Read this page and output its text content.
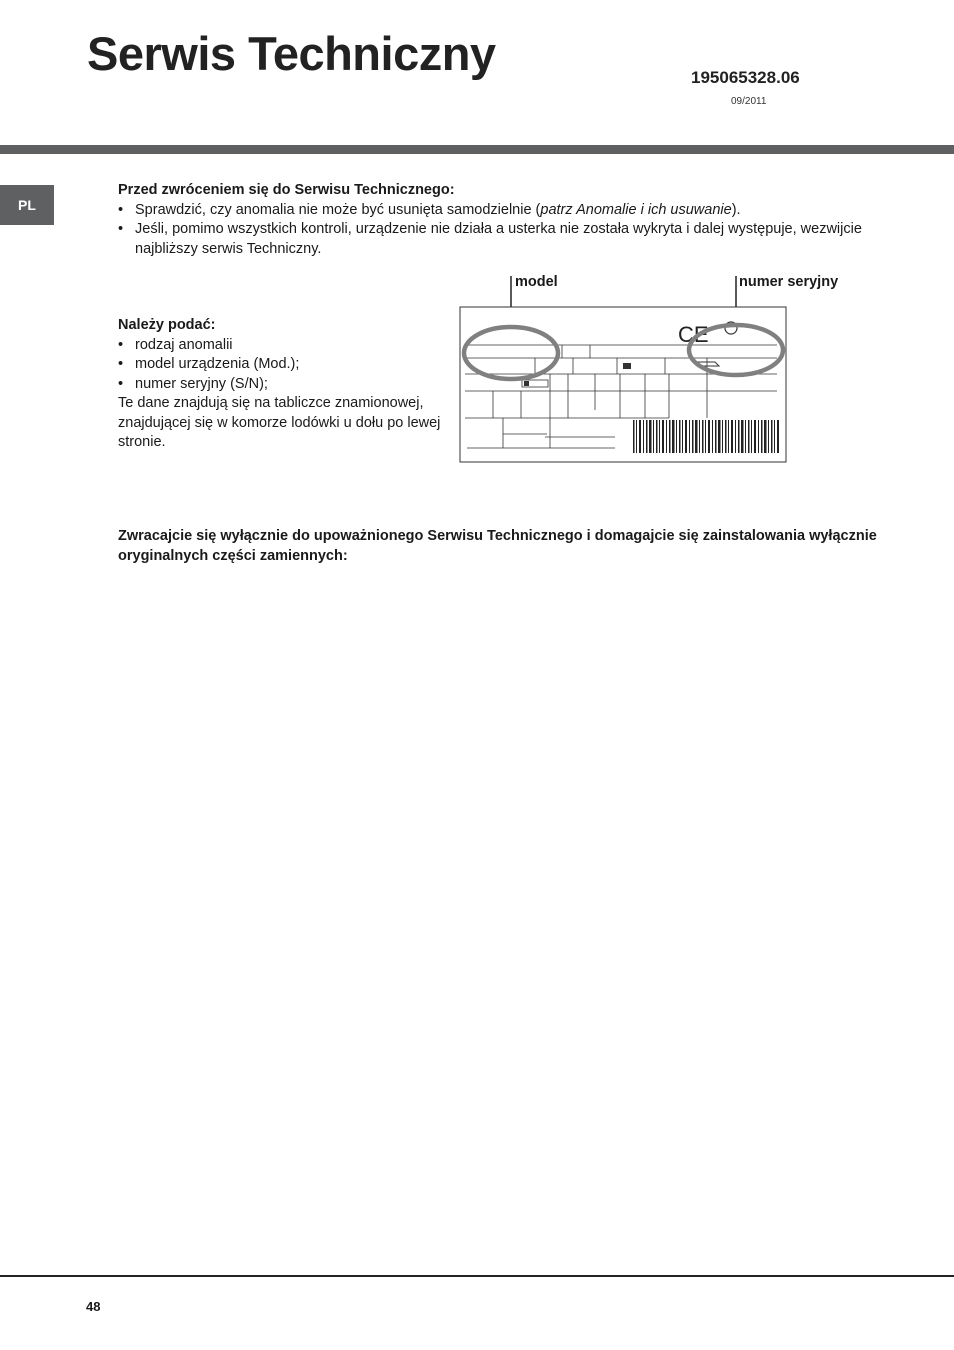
Serwis Techniczny	195065328.06
09/2011
PL
Przed zwróceniem się do Serwisu Technicznego:
• Sprawdzić, czy anomalia nie może być usunięta samodzielnie (patrz Anomalie i ich usuwanie).
• Jeśli, pomimo wszystkich kontroli, urządzenie nie działa a usterka nie została wykryta i dalej występuje, wezwijcie najbliższy serwis Techniczny.
Należy podać:
• rodzaj anomalii
• model urządzenia (Mod.);
• numer seryjny (S/N);
Te dane znajdują się na tabliczce znamionowej, znajdującej się w komorze lodówki u dołu po lewej stronie.
model	numer seryjny
CE
Zwracajcie się wyłącznie do upoważnionego Serwisu Technicznego i domagajcie się zainstalowania wyłącznie oryginalnych części zamiennych:
48
